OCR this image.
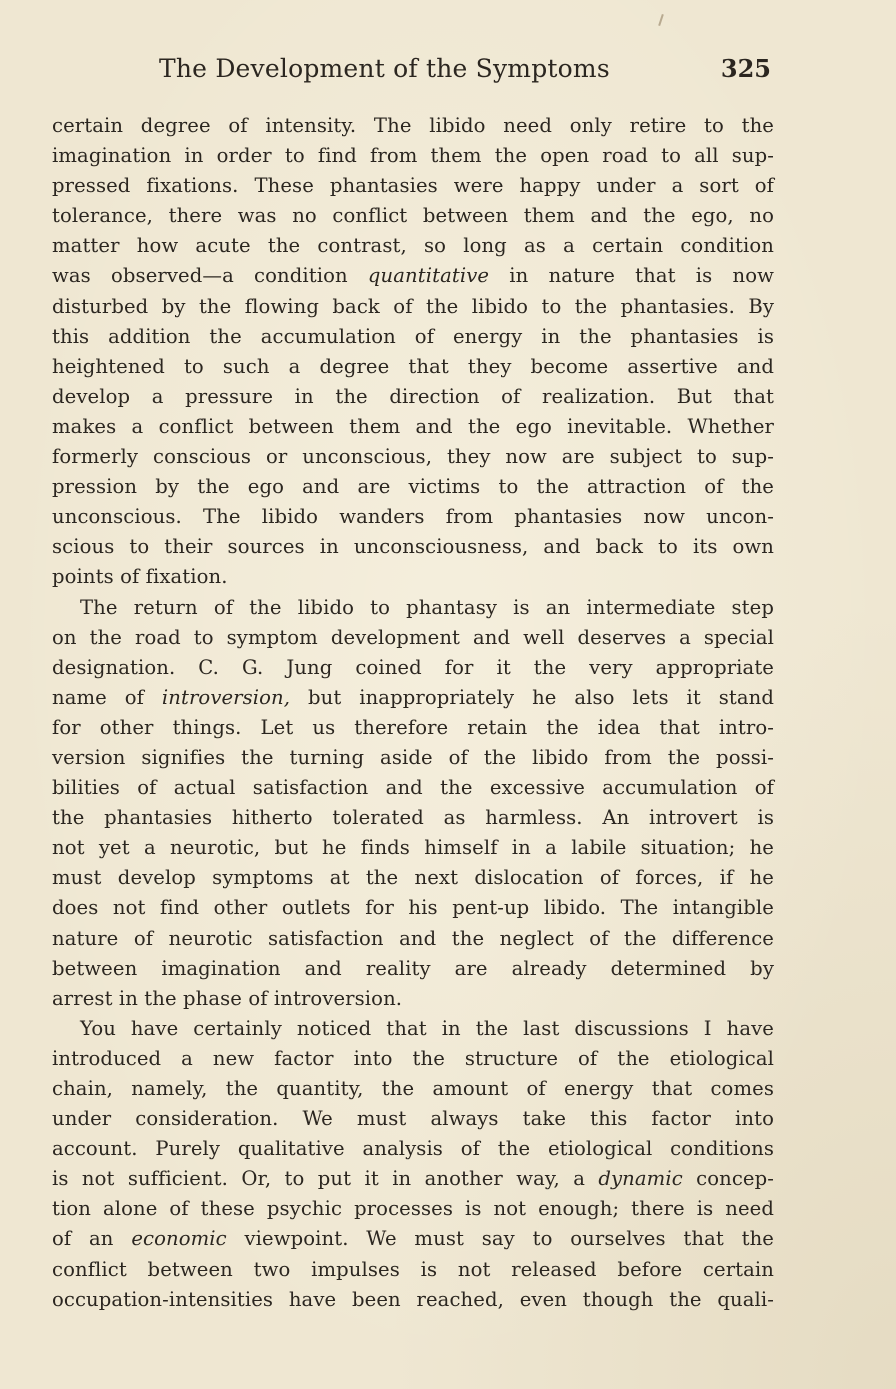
The Development of the Symptoms	325
certain degree of intensity. The libido need only retire to the
imagination in order to find from them the open road to all sup-
pressed fixations. These phantasies were happy under a sort of
tolerance, there was no conflict between them and the ego, no
matter how acute the contrast, so long as a certain condition
was observed—a condition quantitative in nature that is now
disturbed by the flowing back of the libido to the phantasies. By
this addition the accumulation of energy in the phantasies is
heightened to such a degree that they become assertive and
develop a pressure in the direction of realization. But that
makes a conflict between them and the ego inevitable. Whether
formerly conscious or unconscious, they now are subject to sup-
pression by the ego and are victims to the attraction of the
unconscious. The libido wanders from phantasies now uncon-
scious to their sources in unconsciousness, and back to its own
points of fixation.
The return of the libido to phantasy is an intermediate step
on the road to symptom development and well deserves a special
designation. C. G. Jung coined for it the very appropriate
name of introversion, but inappropriately he also lets it stand
for other things. Let us therefore retain the idea that intro-
version signifies the turning aside of the libido from the possi-
bilities of actual satisfaction and the excessive accumulation of
the phantasies hitherto tolerated as harmless. An introvert is
not yet a neurotic, but he finds himself in a labile situation; he
must develop symptoms at the next dislocation of forces, if he
does not find other outlets for his pent-up libido. The intangible
nature of neurotic satisfaction and the neglect of the difference
between imagination and reality are already determined by
arrest in the phase of introversion.
You have certainly noticed that in the last discussions I have
introduced a new factor into the structure of the etiological
chain, namely, the quantity, the amount of energy that comes
under consideration. We must always take this factor into
account. Purely qualitative analysis of the etiological conditions
is not sufficient. Or, to put it in another way, a dynamic concep-
tion alone of these psychic processes is not enough; there is need
of an economic viewpoint. We must say to ourselves that the
conflict between two impulses is not released before certain
occupation-intensities have been reached, even though the quali-
